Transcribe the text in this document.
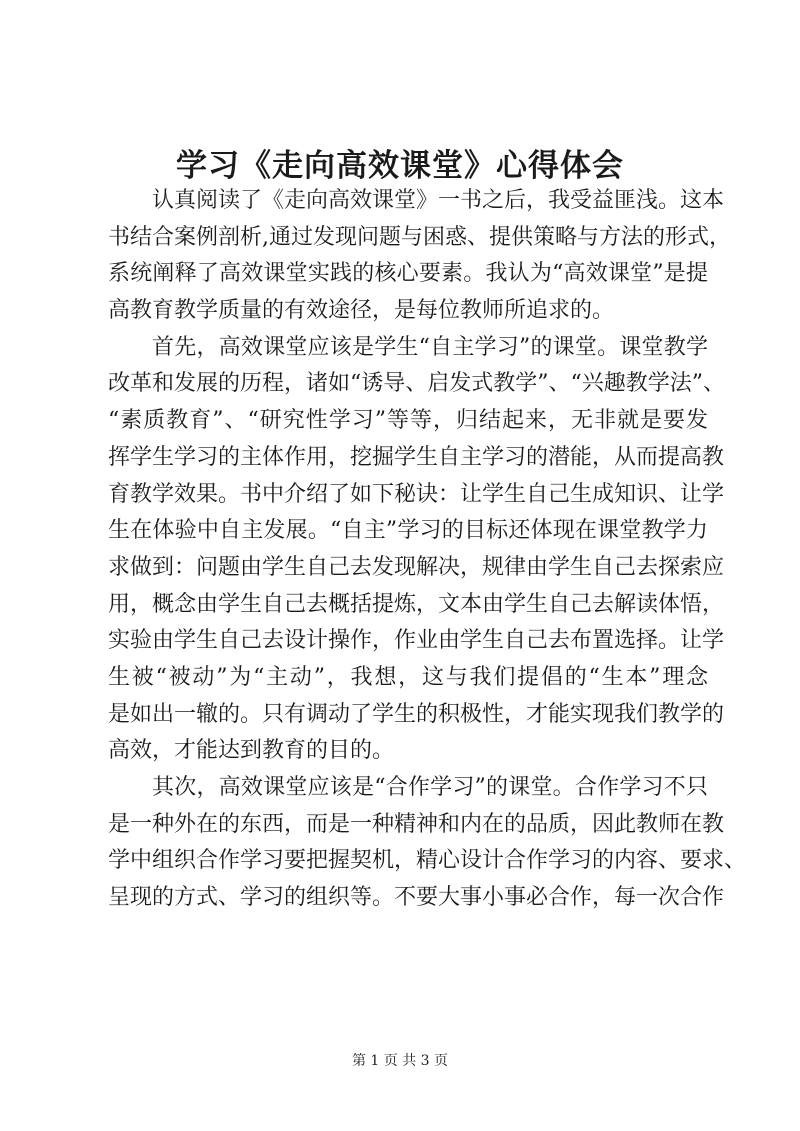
学习《走向高效课堂》心得体会
认真阅读了《走向高效课堂》一书之后，我受益匪浅。这本
书结合案例剖析,通过发现问题与困惑、提供策略与方法的形式，
系统阐释了高效课堂实践的核心要素。我认为“高效课堂”是提
高教育教学质量的有效途径，是每位教师所追求的。
首先，高效课堂应该是学生“自主学习”的课堂。课堂教学
改革和发展的历程，诸如“诱导、启发式教学”、“兴趣教学法”、
“素质教育”、“研究性学习”等等，归结起来，无非就是要发
挥学生学习的主体作用，挖掘学生自主学习的潜能，从而提高教
育教学效果。书中介绍了如下秘诀：让学生自己生成知识、让学
生在体验中自主发展。“自主”学习的目标还体现在课堂教学力
求做到：问题由学生自己去发现解决，规律由学生自己去探索应
用，概念由学生自己去概括提炼，文本由学生自己去解读体悟，
实验由学生自己去设计操作，作业由学生自己去布置选择。让学
生被“被动”为“主动”，我想，这与我们提倡的“生本”理念
是如出一辙的。只有调动了学生的积极性，才能实现我们教学的
高效，才能达到教育的目的。
其次，高效课堂应该是“合作学习”的课堂。合作学习不只
是一种外在的东西，而是一种精神和内在的品质，因此教师在教
学中组织合作学习要把握契机，精心设计合作学习的内容、要求、
呈现的方式、学习的组织等。不要大事小事必合作，每一次合作
第 1 页 共 3 页
